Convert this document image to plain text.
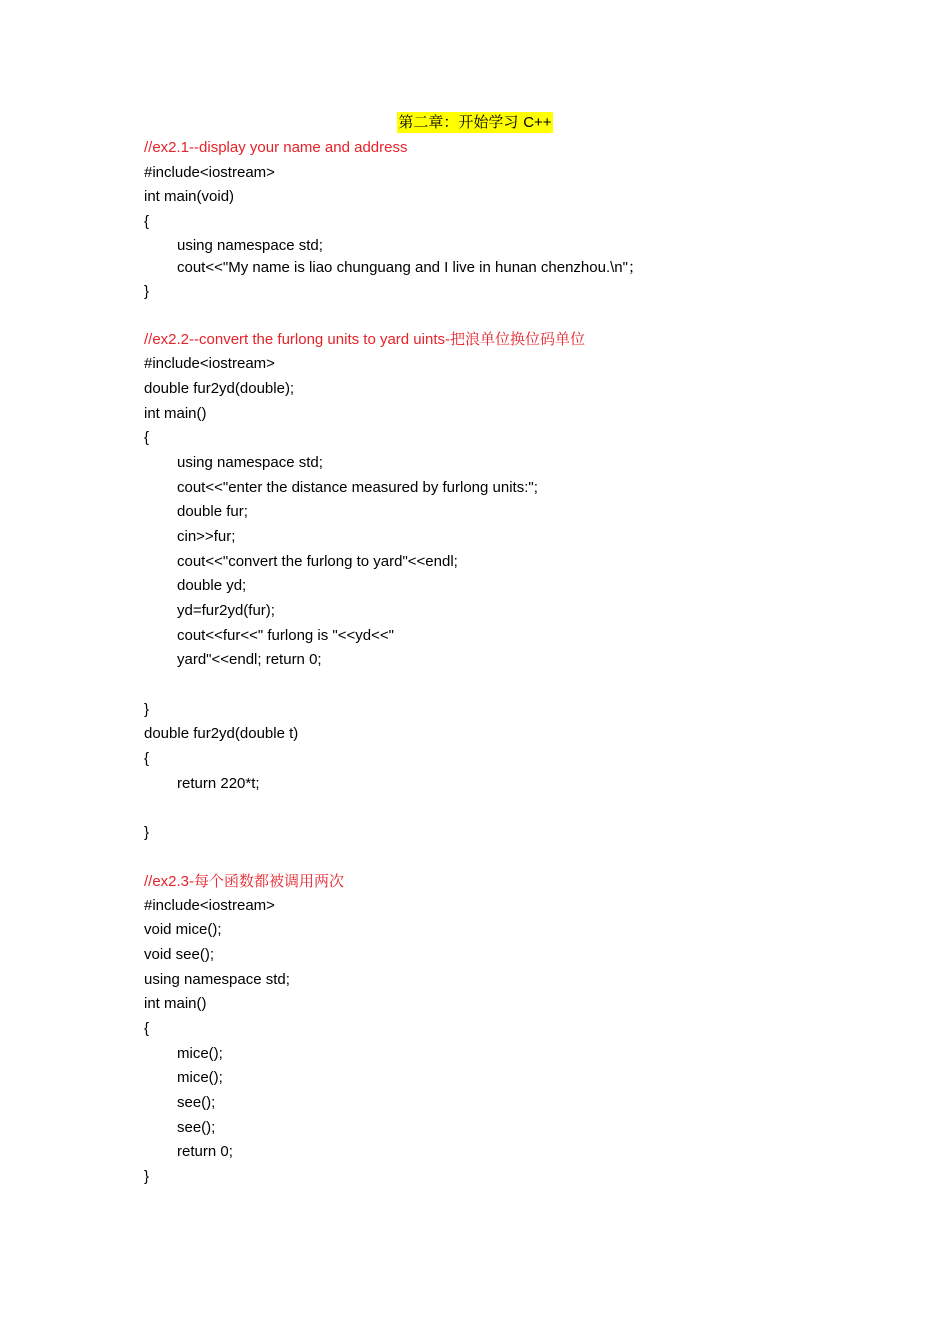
第二章：开始学习 C++
//ex2.1--display your name and address
#include<iostream>
int main(void)
{
using namespace std;
cout<<"My name is liao chunguang and I live in hunan chenzhou.\n"；
}
//ex2.2--convert the furlong units to yard uints-把浪单位换位码单位
#include<iostream>
double fur2yd(double);
int main()
{
using namespace std;
cout<<"enter the distance measured by furlong units:";
double fur;
cin>>fur;
cout<<"convert the furlong to yard"<<endl;
double yd;
yd=fur2yd(fur);
cout<<fur<<" furlong is "<<yd<<"
yard"<<endl; return 0;
}
double fur2yd(double t)
{
return 220*t;
}
//ex2.3-每个函数都被调用两次
#include<iostream>
void mice();
void see();
using namespace std;
int main()
{
mice();
mice();
see();
see();
return 0;
}
